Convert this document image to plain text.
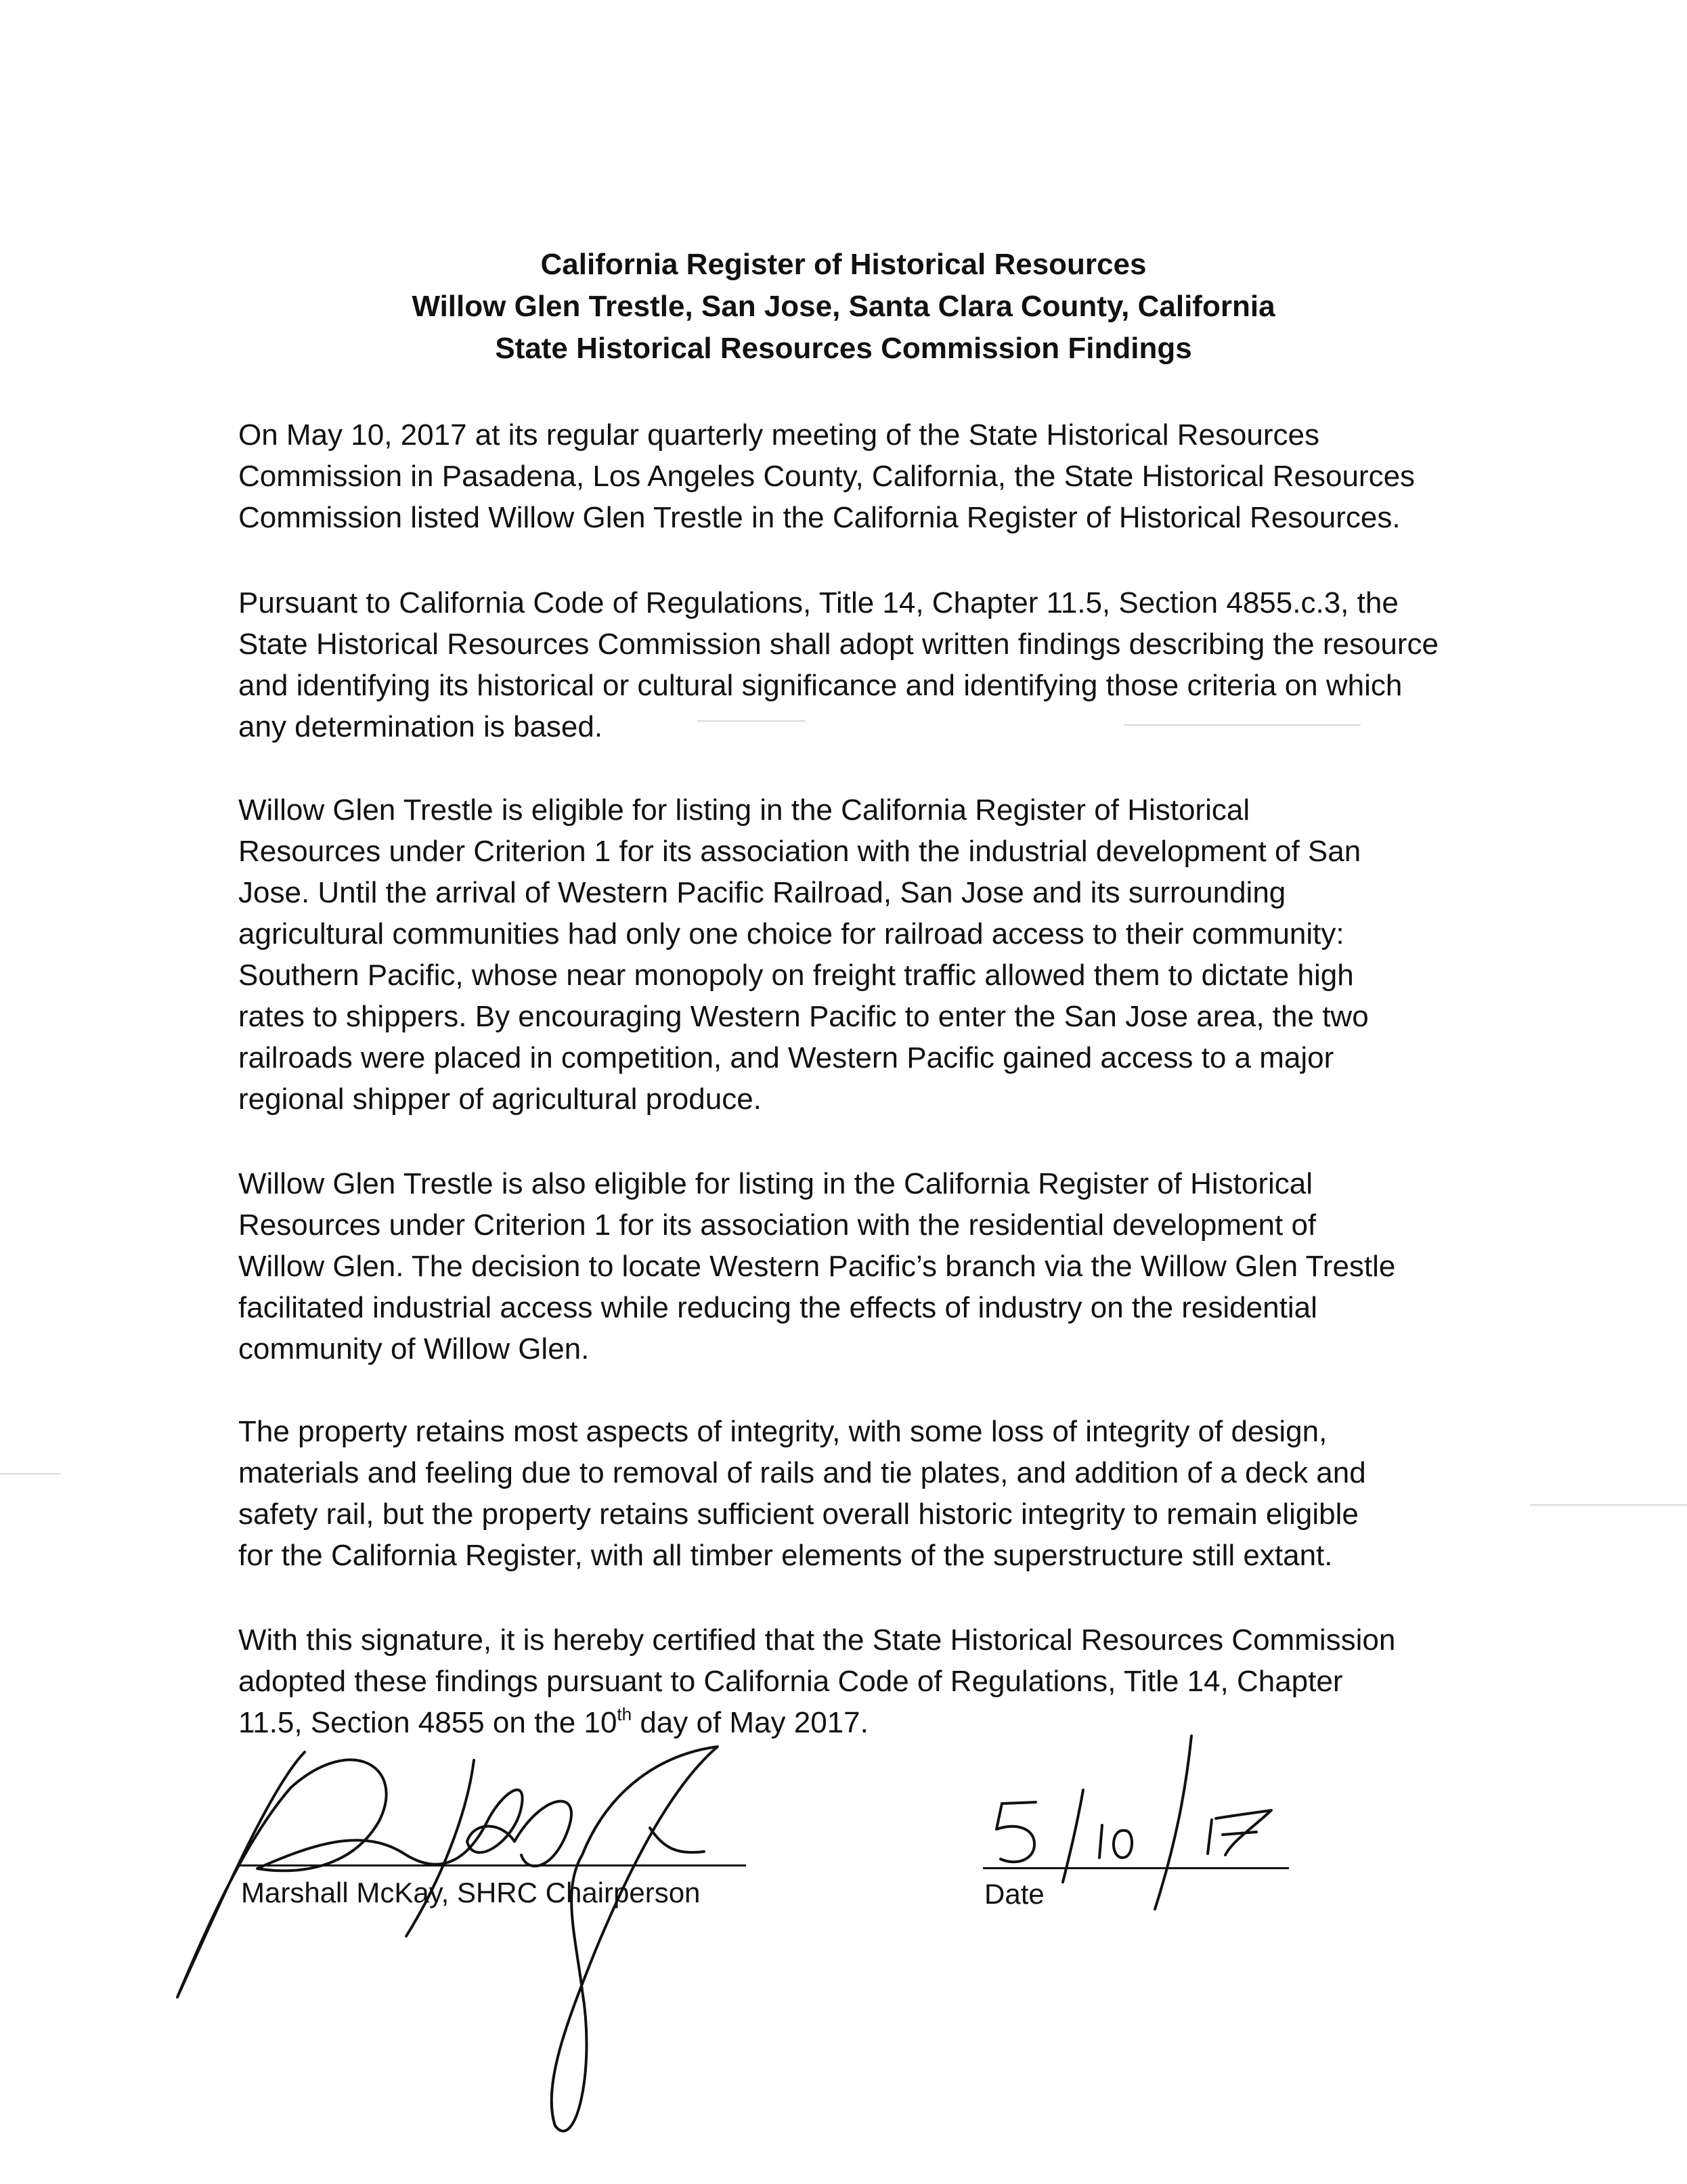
California Register of Historical Resources
Willow Glen Trestle, San Jose, Santa Clara County, California
State Historical Resources Commission Findings
On May 10, 2017 at its regular quarterly meeting of the State Historical Resources
Commission in Pasadena, Los Angeles County, California, the State Historical Resources
Commission listed Willow Glen Trestle in the California Register of Historical Resources.
Pursuant to California Code of Regulations, Title 14, Chapter 11.5, Section 4855.c.3, the
State Historical Resources Commission shall adopt written findings describing the resource
and identifying its historical or cultural significance and identifying those criteria on which
any determination is based.
Willow Glen Trestle is eligible for listing in the California Register of Historical
Resources under Criterion 1 for its association with the industrial development of San
Jose. Until the arrival of Western Pacific Railroad, San Jose and its surrounding
agricultural communities had only one choice for railroad access to their community:
Southern Pacific, whose near monopoly on freight traffic allowed them to dictate high
rates to shippers. By encouraging Western Pacific to enter the San Jose area, the two
railroads were placed in competition, and Western Pacific gained access to a major
regional shipper of agricultural produce.
Willow Glen Trestle is also eligible for listing in the California Register of Historical
Resources under Criterion 1 for its association with the residential development of
Willow Glen. The decision to locate Western Pacific’s branch via the Willow Glen Trestle
facilitated industrial access while reducing the effects of industry on the residential
community of Willow Glen.
The property retains most aspects of integrity, with some loss of integrity of design,
materials and feeling due to removal of rails and tie plates, and addition of a deck and
safety rail, but the property retains sufficient overall historic integrity to remain eligible
for the California Register, with all timber elements of the superstructure still extant.
With this signature, it is hereby certified that the State Historical Resources Commission
adopted these findings pursuant to California Code of Regulations, Title 14, Chapter
11.5, Section 4855 on the 10th day of May 2017.
Marshall McKay, SHRC Chairperson	Date
